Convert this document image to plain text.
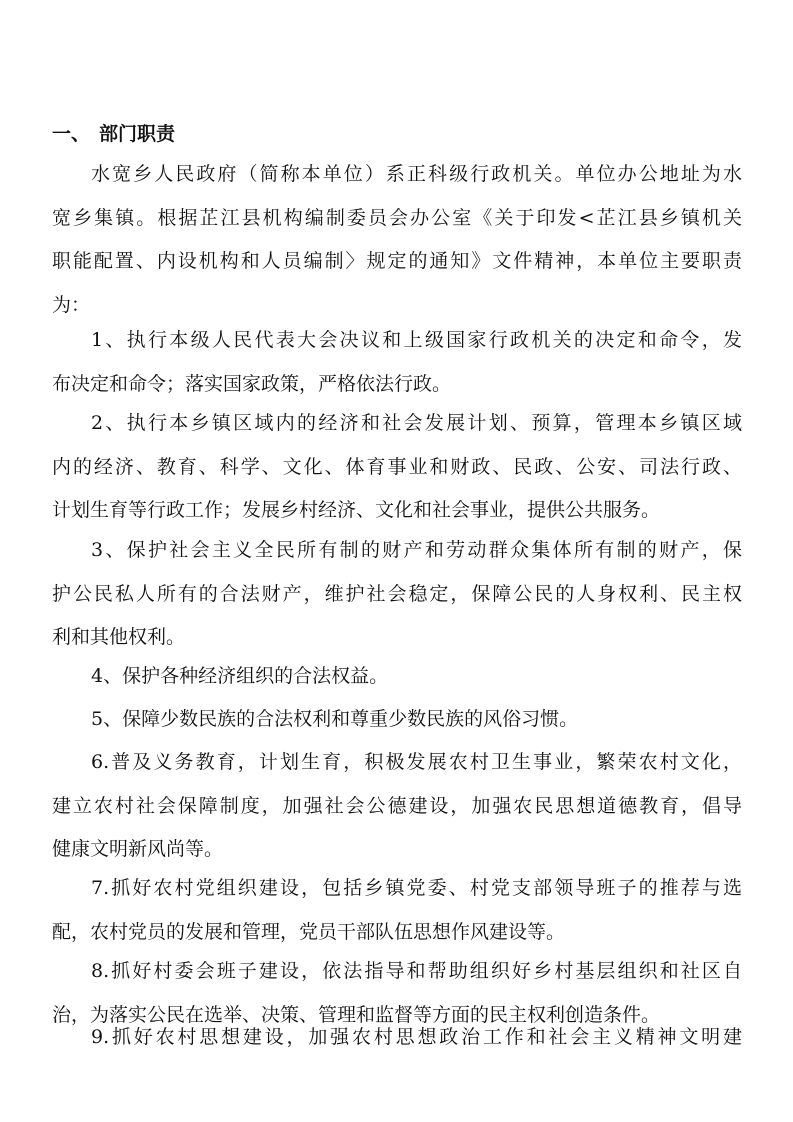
一、 部门职责
水宽乡人民政府（简称本单位）系正科级行政机关。单位办公地址为水
宽乡集镇。根据芷江县机构编制委员会办公室《关于印发<芷江县乡镇机关
职能配置、内设机构和人员编制〉规定的通知》文件精神，本单位主要职责
为：
1、执行本级人民代表大会决议和上级国家行政机关的决定和命令，发
布决定和命令；落实国家政策，严格依法行政。
2、执行本乡镇区域内的经济和社会发展计划、预算，管理本乡镇区域
内的经济、教育、科学、文化、体育事业和财政、民政、公安、司法行政、
计划生育等行政工作；发展乡村经济、文化和社会事业，提供公共服务。
3、保护社会主义全民所有制的财产和劳动群众集体所有制的财产，保
护公民私人所有的合法财产，维护社会稳定，保障公民的人身权利、民主权
利和其他权利。
4、保护各种经济组织的合法权益。
5、保障少数民族的合法权利和尊重少数民族的风俗习惯。
6.普及义务教育，计划生育，积极发展农村卫生事业，繁荣农村文化，
建立农村社会保障制度，加强社会公德建设，加强农民思想道德教育，倡导
健康文明新风尚等。
7.抓好农村党组织建设，包括乡镇党委、村党支部领导班子的推荐与选
配，农村党员的发展和管理，党员干部队伍思想作风建设等。
8.抓好村委会班子建设，依法指导和帮助组织好乡村基层组织和社区自
治，为落实公民在选举、决策、管理和监督等方面的民主权利创造条件。
9.抓好农村思想建设，加强农村思想政治工作和社会主义精神文明建
